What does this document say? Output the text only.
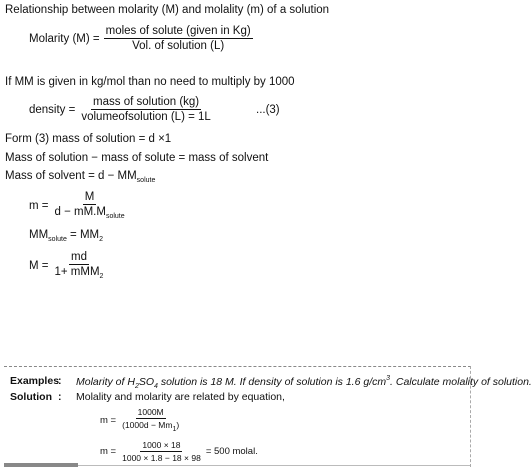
Relationship between molarity (M) and molality (m) of a solution
Molarity $(M) = \frac{\text{moles of solute (given in Kg)}}{\text{Vol. of solution (L)}}$
If MM is given in kg/mol than no need to multiply by 1000
density = $\frac{\text{mass of solution (kg)}}{\text{volumeofsolution (L) = 1L}}$	...(3)
Form (3) mass of solution = d ×1
Mass of solution − mass of solute = mass of solvent
Mass of solvent = $d - MM_{solute}$
$m = \frac{M}{d - mM.M_{solute}}$
$MM_{solute} = MM_2$
$M = \frac{md}{1+ mMM_2}$
Examples
: Molarity of $H_2SO_4$ solution is 18 M. If density of solution is 1.6 $g/cm^3$. Calculate molality of solution.
Solution : Molality and molarity are related by equation,
$m = \frac{1000M}{(1000d - Mm_1)}$
$m = \frac{1000 \times 18}{1000 \times 1.8 - 18 \times 98} = 500$ molal.
